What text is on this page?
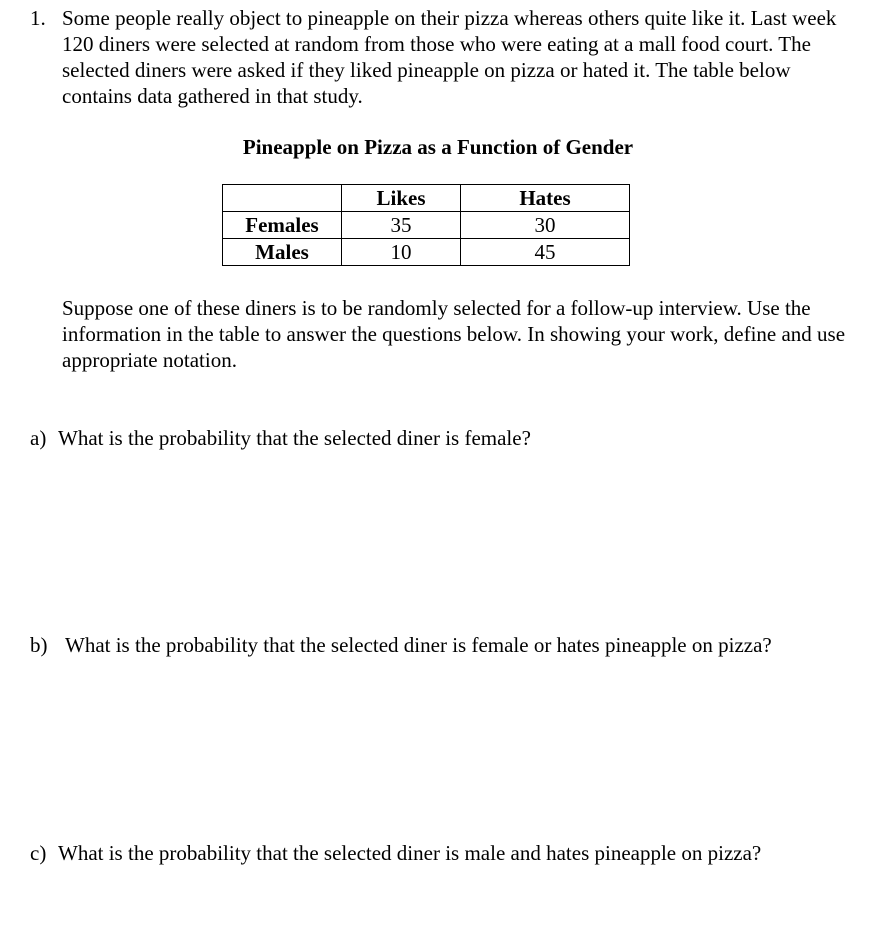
1. Some people really object to pineapple on their pizza whereas others quite like it. Last week 120 diners were selected at random from those who were eating at a mall food court. The selected diners were asked if they liked pineapple on pizza or hated it. The table below contains data gathered in that study.

Pineapple on Pizza as a Function of Gender

	Likes	Hates
Females	35	30
Males	10	45

Suppose one of these diners is to be randomly selected for a follow-up interview. Use the information in the table to answer the questions below. In showing your work, define and use appropriate notation.

a) What is the probability that the selected diner is female?

b) What is the probability that the selected diner is female or hates pineapple on pizza?

c) What is the probability that the selected diner is male and hates pineapple on pizza?
